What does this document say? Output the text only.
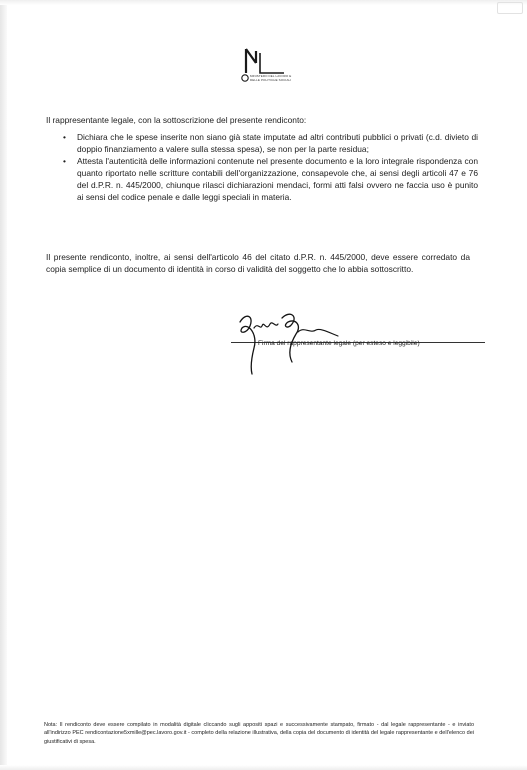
MINISTERO DEL LAVORO E DELLE POLITICHE SOCIALI
Il rappresentante legale, con la sottoscrizione del presente rendiconto:
• Dichiara che le spese inserite non siano già state imputate ad altri contributi pubblici o privati (c.d. divieto di doppio finanziamento a valere sulla stessa spesa), se non per la parte residua;
• Attesta l'autenticità delle informazioni contenute nel presente documento e la loro integrale rispondenza con quanto riportato nelle scritture contabili dell'organizzazione, consapevole che, ai sensi degli articoli 47 e 76 del d.P.R. n. 445/2000, chiunque rilasci dichiarazioni mendaci, formi atti falsi ovvero ne faccia uso è punito ai sensi del codice penale e dalle leggi speciali in materia.
Il presente rendiconto, inoltre, ai sensi dell'articolo 46 del citato d.P.R. n. 445/2000, deve essere corredato da copia semplice di un documento di identità in corso di validità del soggetto che lo abbia sottoscritto.
Firma del rappresentante legale (per esteso e leggibile)
Nota: Il rendiconto deve essere compilato in modalità digitale cliccando sugli appositi spazi e successivamente stampato, firmato - dal legale rappresentante - e inviato all'indirizzo PEC rendicontazione5xmille@pec.lavoro.gov.it - completo della relazione illustrativa, della copia del documento di identità del legale rappresentante e dell'elenco dei giustificativi di spesa.
